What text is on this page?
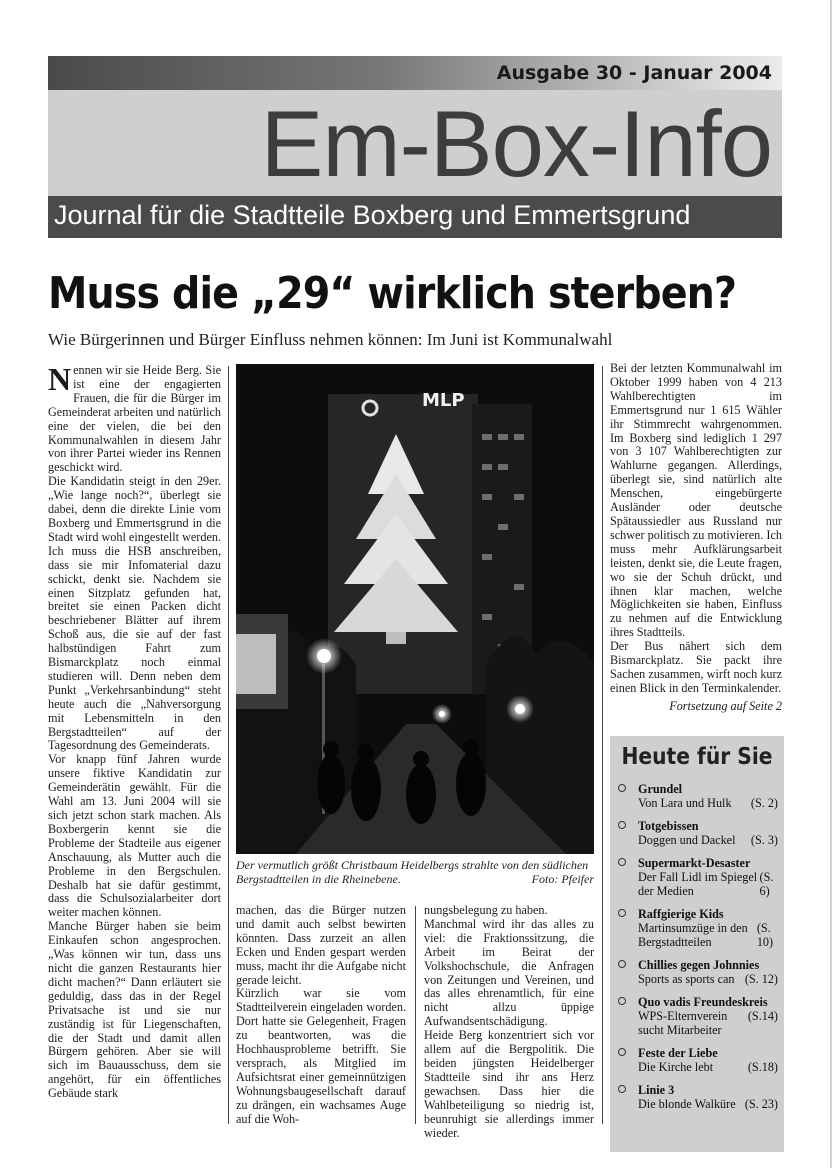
Ausgabe 30 - Januar 2004
Em-Box-Info
Journal für die Stadtteile Boxberg und Emmertsgrund
Muss die „29“ wirklich sterben?
Wie Bürgerinnen und Bürger Einfluss nehmen können: Im Juni ist Kommunalwahl

Nennen wir sie Heide Berg. Sie ist eine der engagierten Frauen, die für die Bürger im Gemeinderat arbeiten und natürlich eine der vielen, die bei den Kommunalwahlen in diesem Jahr von ihrer Partei wieder ins Rennen geschickt wird.

Die Kandidatin steigt in den 29er. „Wie lange noch?“, überlegt sie dabei, denn die direkte Linie vom Boxberg und Emmertsgrund in die Stadt wird wohl eingestellt werden. Ich muss die HSB anschreiben, dass sie mir Infomaterial dazu schickt, denkt sie. Nachdem sie einen Sitzplatz gefunden hat, breitet sie einen Packen dicht beschriebener Blätter auf ihrem Schoß aus, die sie auf der fast halbstündigen Fahrt zum Bismarckplatz noch einmal studieren will. Denn neben dem Punkt „Verkehrsanbindung“ steht heute auch die „Nahversorgung mit Lebensmitteln in den Bergstadtteilen“ auf der Tagesordnung des Gemeinderats.

Vor knapp fünf Jahren wurde unsere fiktive Kandidatin zur Gemeinderätin gewählt. Für die Wahl am 13. Juni 2004 will sie sich jetzt schon stark machen. Als Boxbergerin kennt sie die Probleme der Stadteile aus eigener Anschauung, als Mutter auch die Probleme in den Bergschulen. Deshalb hat sie dafür gestimmt, dass die Schulsozialarbeiter dort weiter machen können.

Manche Bürger haben sie beim Einkaufen schon angesprochen. „Was können wir tun, dass uns nicht die ganzen Restaurants hier dicht machen?“ Dann erläutert sie geduldig, dass das in der Regel Privatsache ist und sie nur zuständig ist für Liegenschaften, die der Stadt und damit allen Bürgern gehören. Aber sie will sich im Bauausschuss, dem sie angehört, für ein öffentliches Gebäude stark

MLP
Der vermutlich größt Christbaum Heidelbergs strahlte von den südlichen Bergstadtteilen in die Rheinebene.	Foto: Pfeifer

machen, das die Bürger nutzen und damit auch selbst bewirten könnten. Dass zurzeit an allen Ecken und Enden gespart werden muss, macht ihr die Aufgabe nicht gerade leicht.

Kürzlich war sie vom Stadtteilverein eingeladen worden. Dort hatte sie Gelegenheit, Fragen zu beantworten, was die Hochhausprobleme betrifft. Sie versprach, als Mitglied im Aufsichtsrat einer gemeinnützigen Wohnungsbaugesellschaft darauf zu drängen, ein wachsames Auge auf die Woh-

nungsbelegung zu haben.

Manchmal wird ihr das alles zu viel: die Fraktionssitzung, die Arbeit im Beirat der Volkshochschule, die Anfragen von Zeitungen und Vereinen, und das alles ehrenamtlich, für eine nicht allzu üppige Aufwandsentschädigung.

Heide Berg konzentriert sich vor allem auf die Bergpolitik. Die beiden jüngsten Heidelberger Stadtteile sind ihr ans Herz gewachsen. Dass hier die Wahlbeteiligung so niedrig ist, beunruhigt sie allerdings immer wieder.

Bei der letzten Kommunalwahl im Oktober 1999 haben von 4 213 Wahlberechtigten im Emmertsgrund nur 1 615 Wähler ihr Stimmrecht wahrgenommen. Im Boxberg sind lediglich 1 297 von 3 107 Wahlberechtigten zur Wahlurne gegangen. Allerdings, überlegt sie, sind natürlich alte Menschen, eingebürgerte Ausländer oder deutsche Spätaussiedler aus Russland nur schwer politisch zu motivieren. Ich muss mehr Aufklärungsarbeit leisten, denkt sie, die Leute fragen, wo sie der Schuh drückt, und ihnen klar machen, welche Möglichkeiten sie haben, Einfluss zu nehmen auf die Entwicklung ihres Stadtteils.

Der Bus nähert sich dem Bismarckplatz. Sie packt ihre Sachen zusammen, wirft noch kurz einen Blick in den Terminkalender.

Fortsetzung auf Seite 2

Heute für Sie
Grundel
Von Lara und Hulk (S. 2)
Totgebissen
Doggen und Dackel (S. 3)
Supermarkt-Desaster
Der Fall Lidl im Spiegel der Medien
(S. 6)
Raffgierige Kids
Martinsumzüge in den Bergstadtteilen
(S. 10)
Chillies gegen Johnnies
Sports as sports can (S. 12)
Quo vadis Freundeskreis
WPS-Elternverein sucht Mitarbeiter
(S.14)
Feste der Liebe
Die Kirche lebt	(S.18)
Linie 3
Die blonde Walküre (S. 23)
